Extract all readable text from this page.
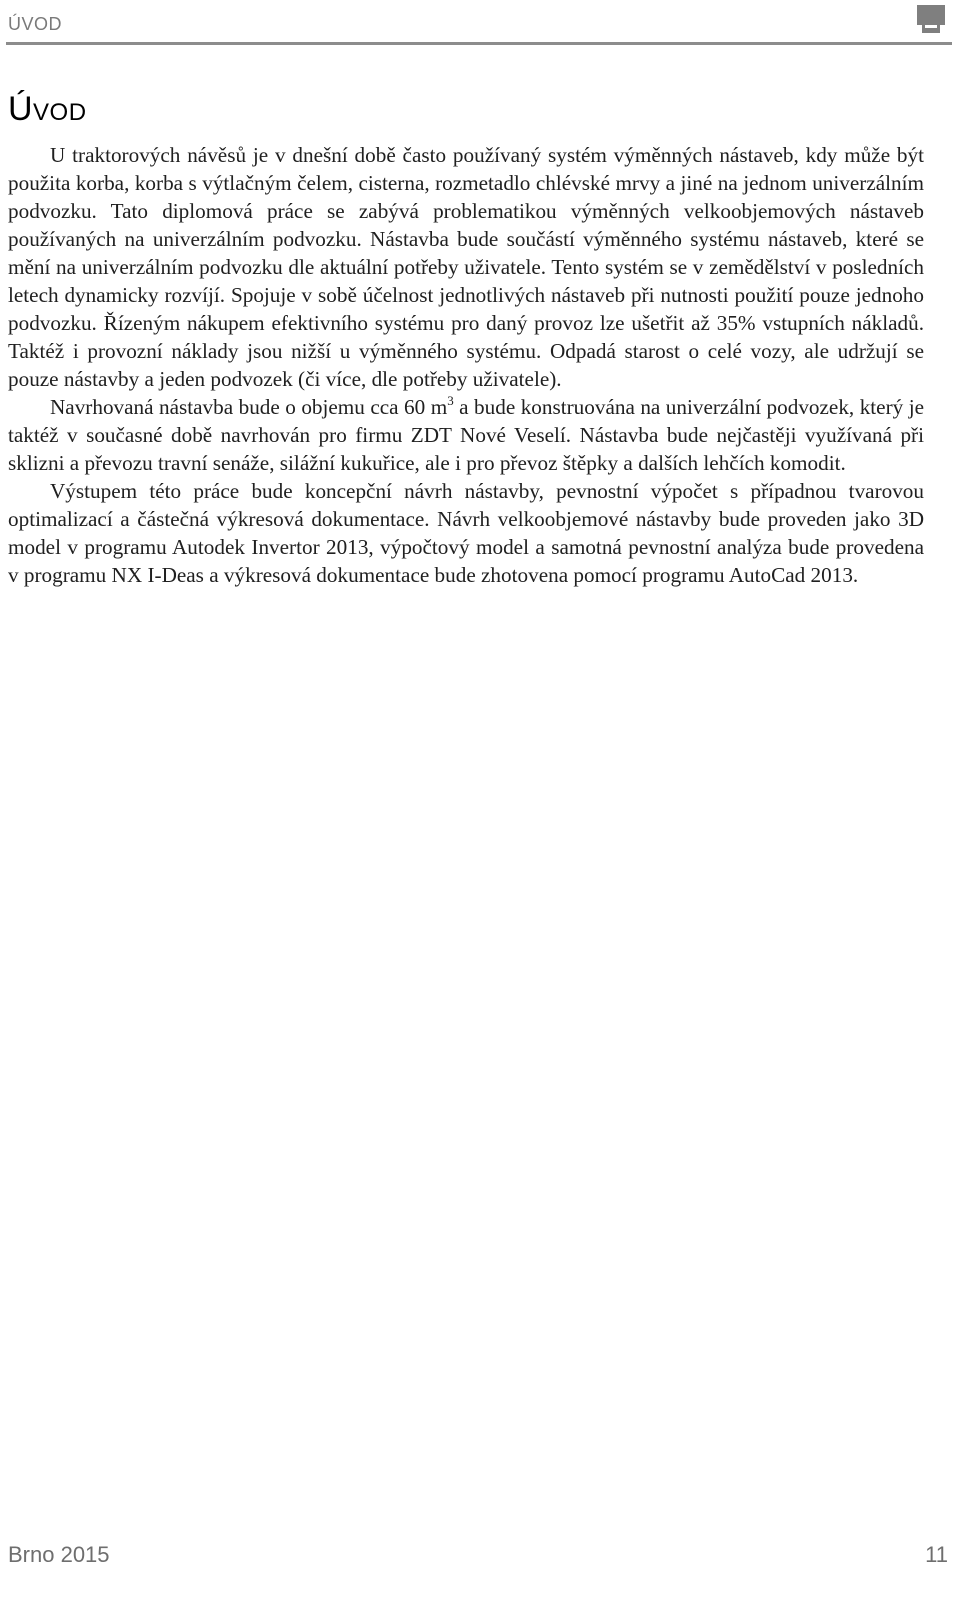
ÚVOD
Úvod

U traktorových návěsů je v dnešní době často používaný systém výměnných nástaveb, kdy může být použita korba, korba s výtlačným čelem, cisterna, rozmetadlo chlévské mrvy a jiné na jednom univerzálním podvozku. Tato diplomová práce se zabývá problematikou výměnných velkoobjemových nástaveb používaných na univerzálním podvozku. Nástavba bude součástí výměnného systému nástaveb, které se mění na univerzálním podvozku dle aktuální potřeby uživatele. Tento systém se v zemědělství v posledních letech dynamicky rozvíjí. Spojuje v sobě účelnost jednotlivých nástaveb při nutnosti použití pouze jednoho podvozku. Řízeným nákupem efektivního systému pro daný provoz lze ušetřit až 35% vstupních nákladů. Taktéž i provozní náklady jsou nižší u výměnného systému. Odpadá starost o celé vozy, ale udržují se pouze nástavby a jeden podvozek (či více, dle potřeby uživatele).

Navrhovaná nástavba bude o objemu cca 60 $m^3$ a bude konstruována na univerzální podvozek, který je taktéž v současné době navrhován pro firmu ZDT Nové Veselí. Nástavba bude nejčastěji využívaná při sklizni a převozu travní senáže, silážní kukuřice, ale i pro převoz štěpky a dalších lehčích komodit.

Výstupem této práce bude koncepční návrh nástavby, pevnostní výpočet s případnou tvarovou optimalizací a částečná výkresová dokumentace. Návrh velkoobjemové nástavby bude proveden jako 3D model v programu Autodek Invertor 2013, výpočtový model a samotná pevnostní analýza bude provedena v programu NX I-Deas a výkresová dokumentace bude zhotovena pomocí programu AutoCad 2013.

Brno 2015	11
